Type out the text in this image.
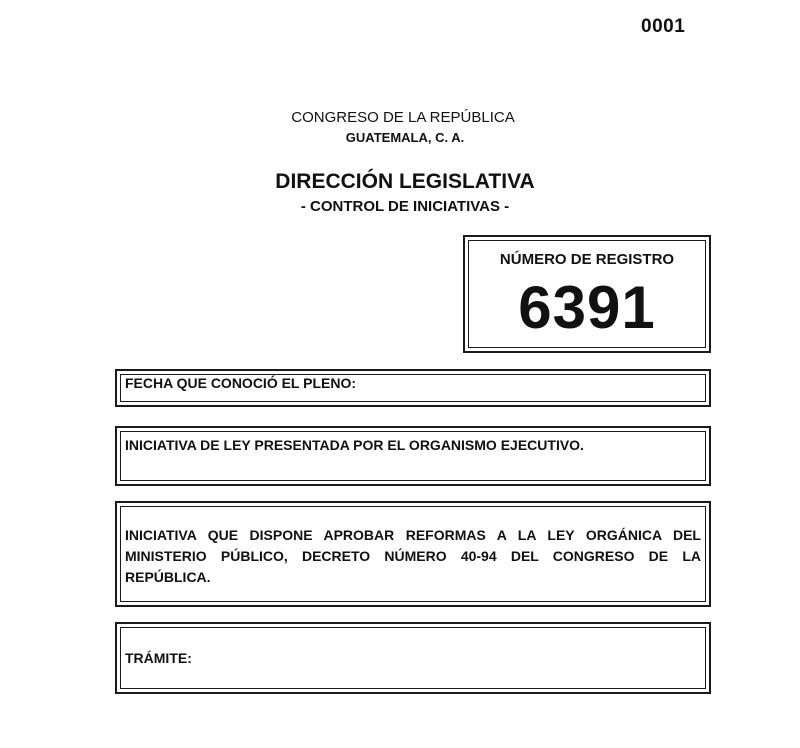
0001
CONGRESO DE LA REPÚBLICA
GUATEMALA, C. A.
DIRECCIÓN LEGISLATIVA
- CONTROL DE INICIATIVAS -
NÚMERO DE REGISTRO
6391
FECHA QUE CONOCIÓ EL PLENO:
INICIATIVA DE LEY PRESENTADA POR EL ORGANISMO EJECUTIVO.
INICIATIVA QUE DISPONE APROBAR REFORMAS A LA LEY ORGÁNICA DEL MINISTERIO PÚBLICO, DECRETO NÚMERO 40-94 DEL CONGRESO DE LA REPÚBLICA.
TRÁMITE:
